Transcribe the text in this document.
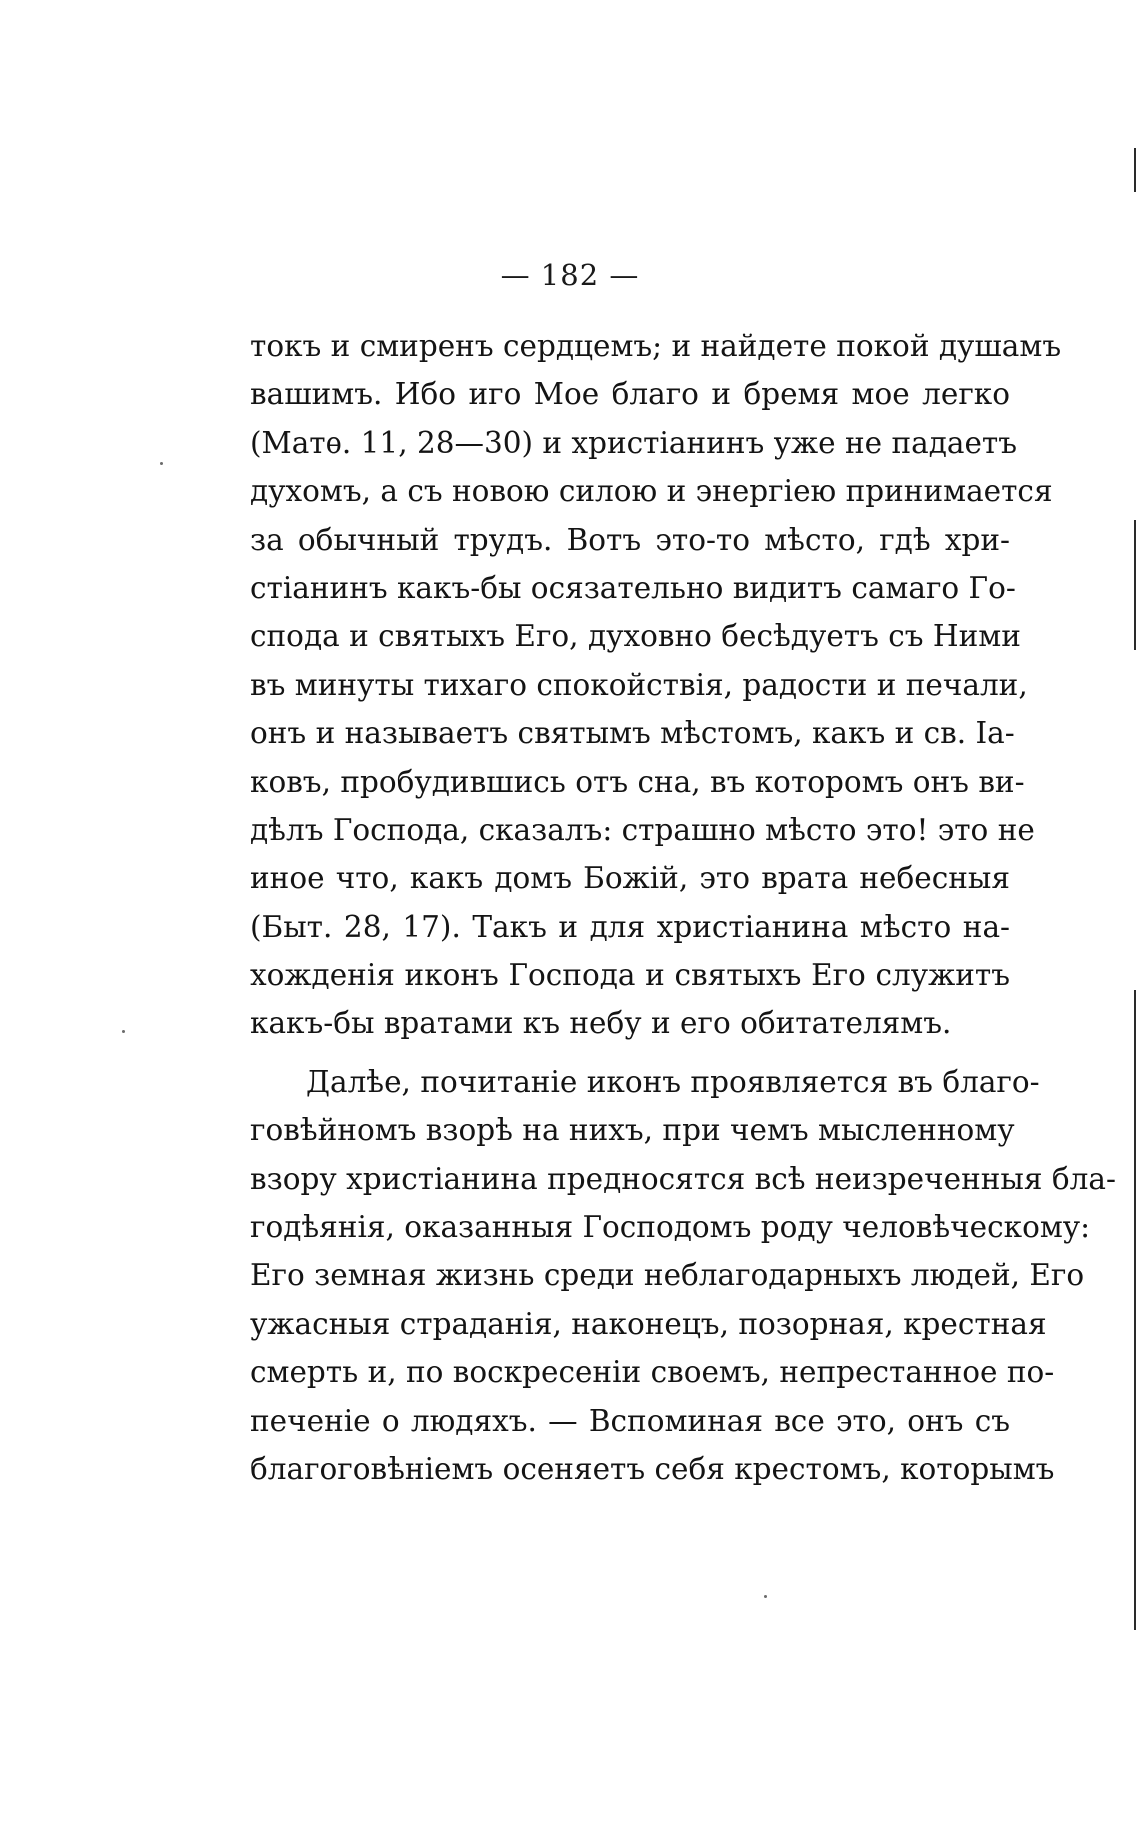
— 182 —
токъ и смиренъ сердцемъ; и найдете покой душамъ
вашимъ. Ибо иго Мое благо и бремя мое легко
(Матѳ. 11, 28—30) и христіанинъ уже не падаетъ
духомъ, а съ новою силою и энергіею принимается
за обычный трудъ. Вотъ это-то мѣсто, гдѣ хри-
стіанинъ какъ-бы осязательно видитъ самаго Го-
спода и святыхъ Его, духовно бесѣдуетъ съ Ними
въ минуты тихаго спокойствія, радости и печали,
онъ и называетъ святымъ мѣстомъ, какъ и св. Іа-
ковъ, пробудившись отъ сна, въ которомъ онъ ви-
дѣлъ Господа, сказалъ: страшно мѣсто это! это не
иное что, какъ домъ Божій, это врата небесныя
(Быт. 28, 17). Такъ и для христіанина мѣсто на-
хожденія иконъ Господа и святыхъ Его служитъ
какъ-бы вратами къ небу и его обитателямъ.
Далѣе, почитаніе иконъ проявляется въ благо-
говѣйномъ взорѣ на нихъ, при чемъ мысленному
взору христіанина предносятся всѣ неизреченныя бла-
годѣянія, оказанныя Господомъ роду человѣческому:
Его земная жизнь среди неблагодарныхъ людей, Его
ужасныя страданія, наконецъ, позорная, крестная
смерть и, по воскресеніи своемъ, непрестанное по-
печеніе о людяхъ. — Вспоминая все это, онъ съ
благоговѣніемъ осеняетъ себя крестомъ, которымъ
